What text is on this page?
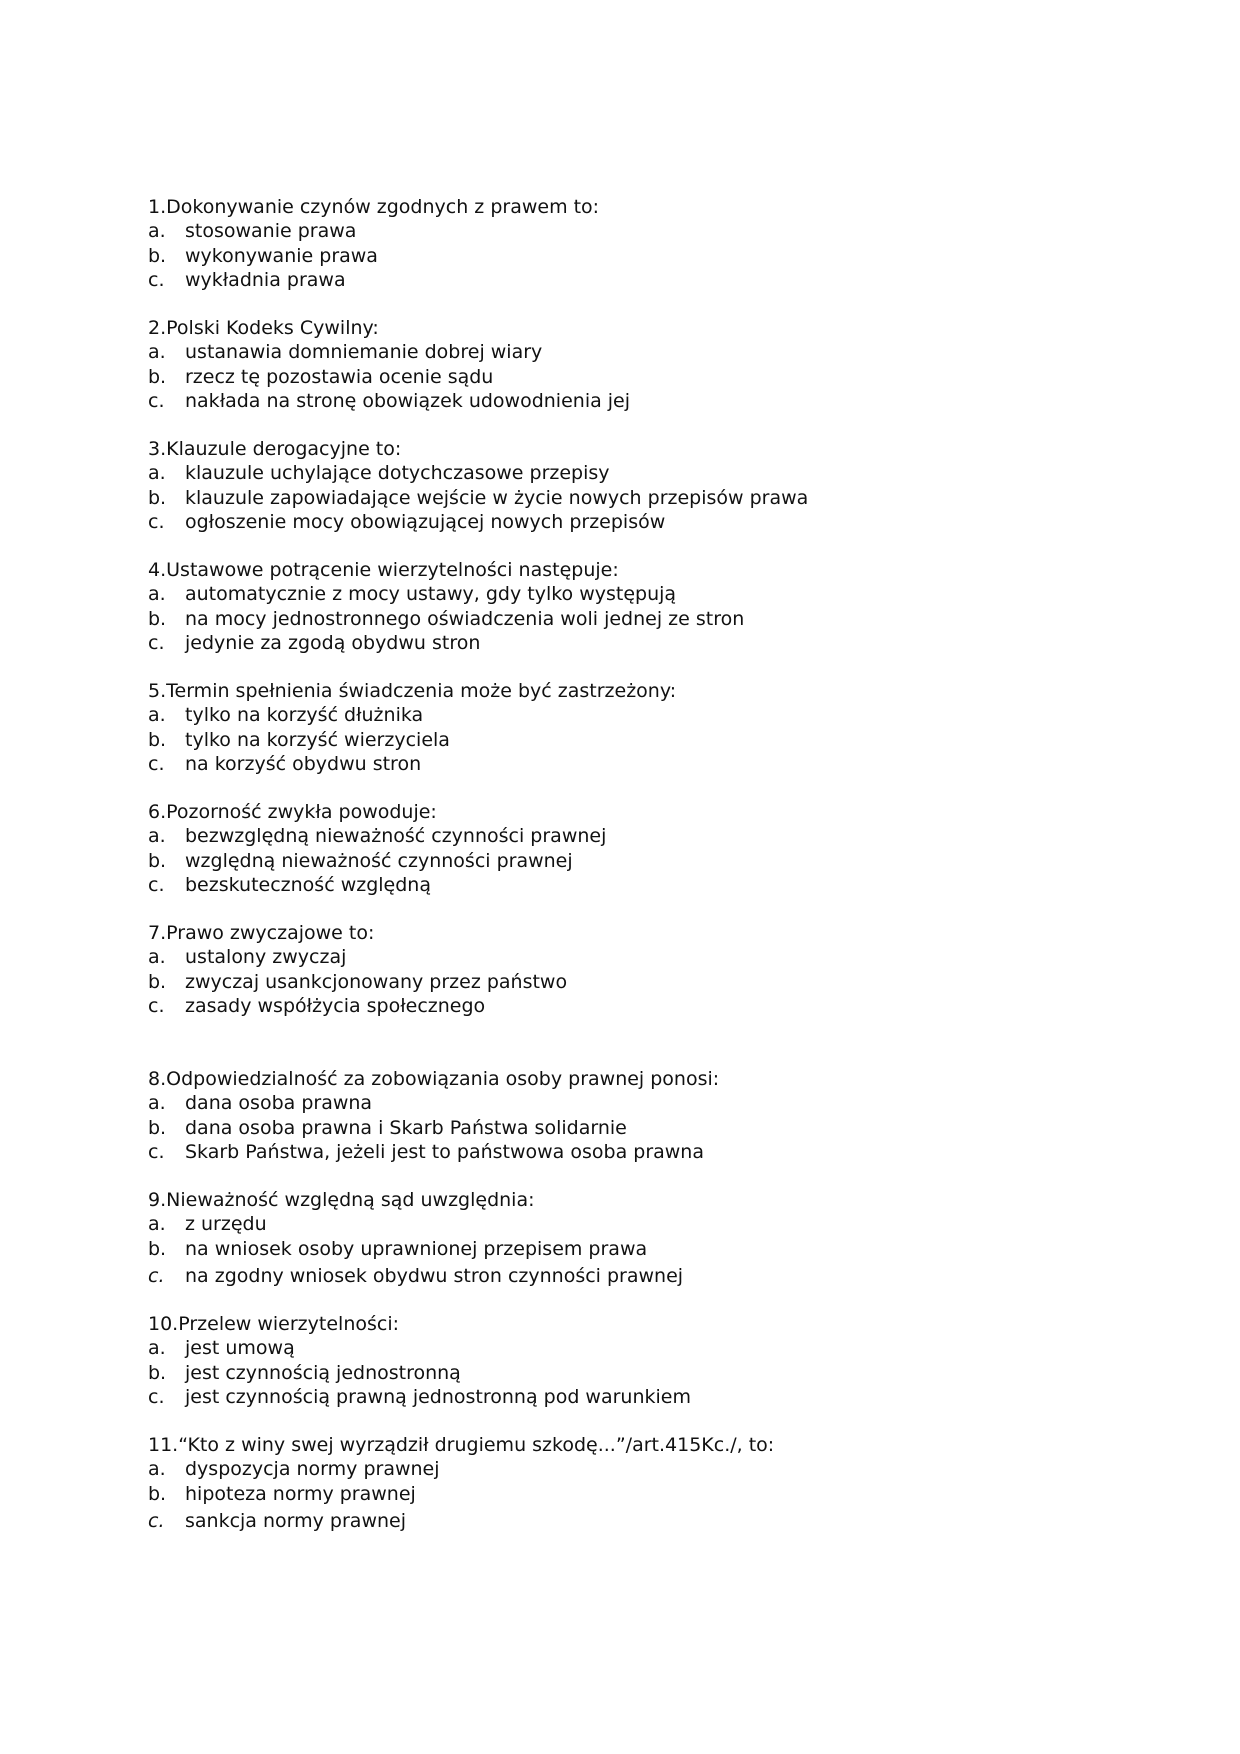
1.Dokonywanie czynów zgodnych z prawem to:
a.	stosowanie prawa
b. wykonywanie prawa
c.	wykładnia prawa
2.Polski Kodeks Cywilny:
a.	ustanawia domniemanie dobrej wiary
b. rzecz tę pozostawia ocenie sądu
c.	nakłada na stronę obowiązek udowodnienia jej
3.Klauzule derogacyjne to:
a.	klauzule uchylające dotychczasowe przepisy
b. klauzule zapowiadające wejście w życie nowych przepisów prawa
c.	ogłoszenie mocy obowiązującej nowych przepisów
4.Ustawowe potrącenie wierzytelności następuje:
a.	automatycznie z mocy ustawy, gdy tylko występują
b. na mocy jednostronnego oświadczenia woli jednej ze stron
c.	jedynie za zgodą obydwu stron
5.Termin spełnienia świadczenia może być zastrzeżony:
a.	tylko na korzyść dłużnika
b. tylko na korzyść wierzyciela
c.	na korzyść obydwu stron
6.Pozorność zwykła powoduje:
a.	bezwzględną nieważność czynności prawnej
b. względną nieważność czynności prawnej
c.	bezskuteczność względną
7.Prawo zwyczajowe to:
a.	ustalony zwyczaj
b. zwyczaj usankcjonowany przez państwo
c.	zasady współżycia społecznego
8.Odpowiedzialność za zobowiązania osoby prawnej ponosi:
a.	dana osoba prawna
b. dana osoba prawna i Skarb Państwa solidarnie
c.	Skarb Państwa, jeżeli jest to państwowa osoba prawna
9.Nieważność względną sąd uwzględnia:
a.	z urzędu
b. na wniosek osoby uprawnionej przepisem prawa
c.	na zgodny wniosek obydwu stron czynności prawnej
10.Przelew wierzytelności:
a.	jest umową
b. jest czynnością jednostronną
c.	jest czynnością prawną jednostronną pod warunkiem
11.“Kto z winy swej wyrządził drugiemu szkodę...”/art.415Kc./, to:
a.	dyspozycja normy prawnej
b. hipoteza normy prawnej
c.	sankcja normy prawnej
